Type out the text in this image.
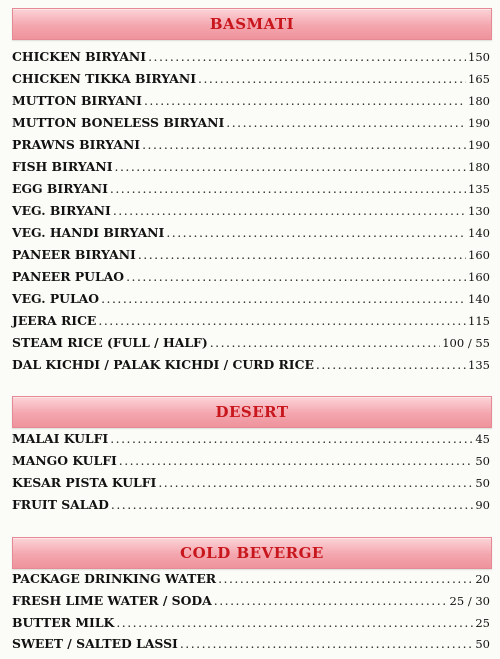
BASMATI
CHICKEN BIRYANI .....	150
CHICKEN TIKKA BIRYANI .....	165
MUTTON BIRYANI .....	180
MUTTON BONELESS BIRYANI .....	190
PRAWNS BIRYANI .....	190
FISH BIRYANI .....	180
EGG BIRYANI .....	135
VEG. BIRYANI .....	130
VEG. HANDI BIRYANI .....	140
PANEER BIRYANI .....	160
PANEER PULAO .....	160
VEG. PULAO .....	140
JEERA RICE .....	115
STEAM RICE (FULL / HALF) .....	100 / 55
DAL KICHDI / PALAK KICHDI / CURD RICE .....	135
DESERT
MALAI KULFI .....	45
MANGO KULFI .....	50
KESAR PISTA KULFI .....	50
FRUIT SALAD .....	90
COLD BEVERGE
PACKAGE DRINKING WATER .....	20
FRESH LIME WATER / SODA .....	25 / 30
BUTTER MILK .....	25
SWEET / SALTED LASSI .....	50
